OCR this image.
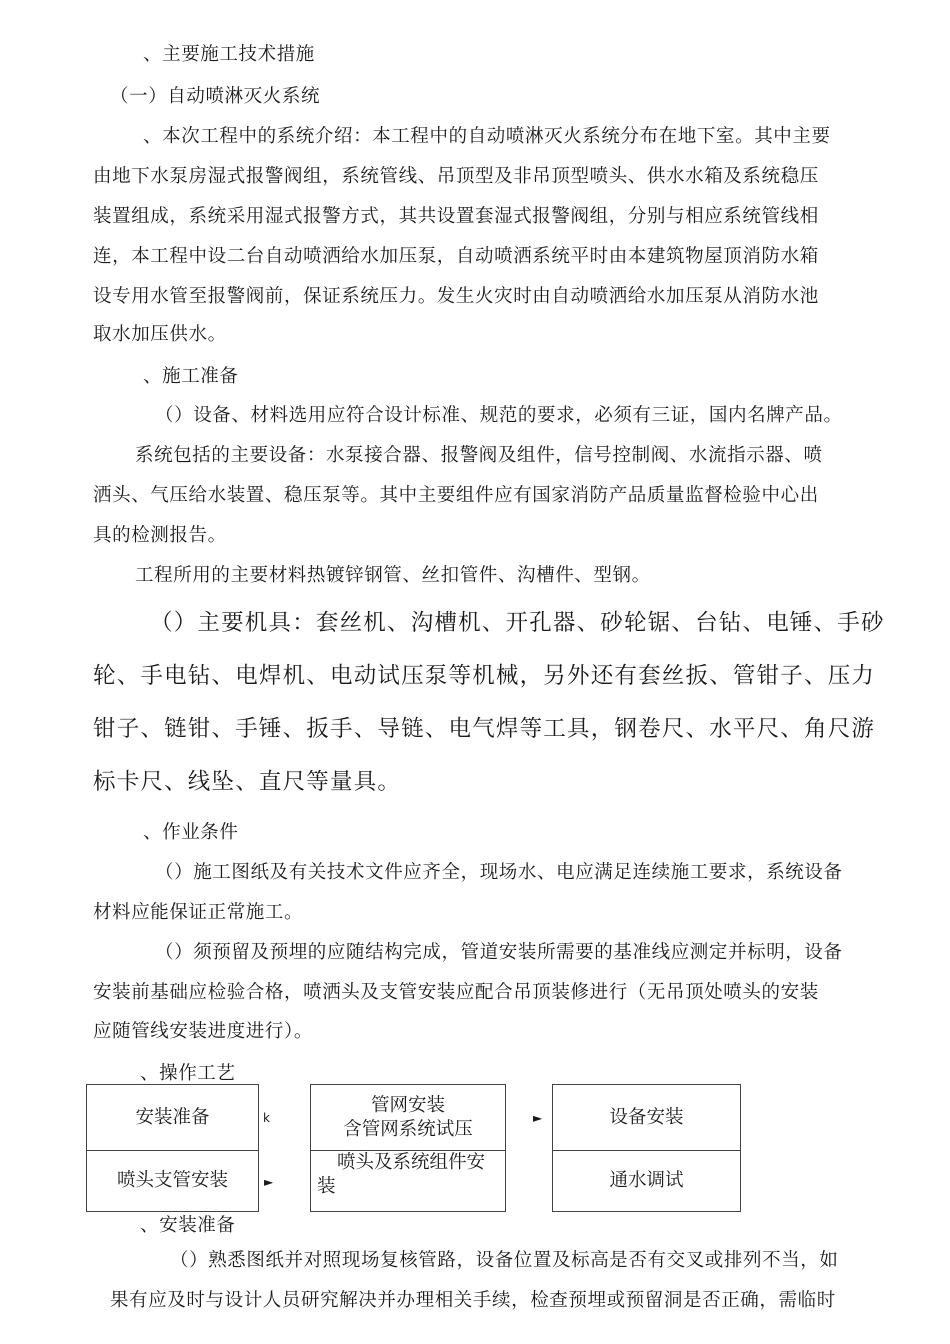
、主要施工技术措施
（一）自动喷淋灭火系统
、本次工程中的系统介绍：本工程中的自动喷淋灭火系统分布在地下室。其中主要
由地下水泵房湿式报警阀组，系统管线、吊顶型及非吊顶型喷头、供水水箱及系统稳压
装置组成，系统采用湿式报警方式，其共设置套湿式报警阀组，分别与相应系统管线相
连，本工程中设二台自动喷洒给水加压泵，自动喷洒系统平时由本建筑物屋顶消防水箱
设专用水管至报警阀前，保证系统压力。发生火灾时由自动喷洒给水加压泵从消防水池
取水加压供水。
、施工准备
（）设备、材料选用应符合设计标准、规范的要求，必须有三证，国内名牌产品。
系统包括的主要设备：水泵接合器、报警阀及组件，信号控制阀、水流指示器、喷
洒头、气压给水装置、稳压泵等。其中主要组件应有国家消防产品质量监督检验中心出
具的检测报告。
工程所用的主要材料热镀锌钢管、丝扣管件、沟槽件、型钢。
（）主要机具：套丝机、沟槽机、开孔器、砂轮锯、台钻、电锤、手砂
轮、手电钻、电焊机、电动试压泵等机械，另外还有套丝扳、管钳子、压力
钳子、链钳、手锤、扳手、导链、电气焊等工具，钢卷尺、水平尺、角尺游
标卡尺、线坠、直尺等量具。
、作业条件
（）施工图纸及有关技术文件应齐全，现场水、电应满足连续施工要求，系统设备
材料应能保证正常施工。
（）须预留及预埋的应随结构完成，管道安装所需要的基准线应测定并标明，设备
安装前基础应检验合格，喷洒头及支管安装应配合吊顶装修进行（无吊顶处喷头的安装
应随管线安装进度进行）。
、操作工艺
安装准备
喷头支管安装
管网安装
含管网系统试压
喷头及系统组件安
装
设备安装
通水调试
k	►
►
、安装准备
（）熟悉图纸并对照现场复核管路，设备位置及标高是否有交叉或排列不当，如
果有应及时与设计人员研究解决并办理相关手续，检查预埋或预留洞是否正确，需临时
